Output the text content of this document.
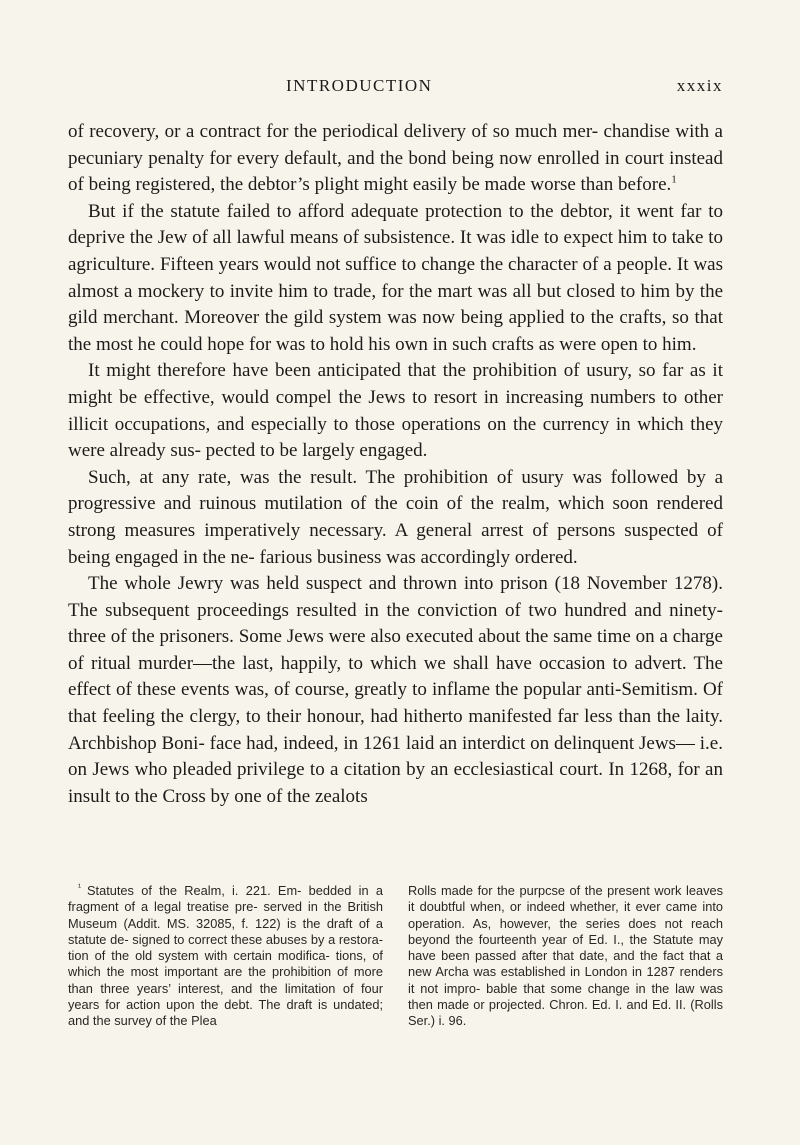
INTRODUCTION	xxxix

of recovery, or a contract for the periodical delivery of so much mer- chandise with a pecuniary penalty for every default, and the bond being now enrolled in court instead of being registered, the debtor’s plight might easily be made worse than before.$^1$

But if the statute failed to afford adequate protection to the debtor, it went far to deprive the Jew of all lawful means of subsistence. It was idle to expect him to take to agriculture. Fifteen years would not suffice to change the character of a people. It was almost a mockery to invite him to trade, for the mart was all but closed to him by the gild merchant. Moreover the gild system was now being applied to the crafts, so that the most he could hope for was to hold his own in such crafts as were open to him.

It might therefore have been anticipated that the prohibition of usury, so far as it might be effective, would compel the Jews to resort in increasing numbers to other illicit occupations, and especially to those operations on the currency in which they were already sus- pected to be largely engaged.

Such, at any rate, was the result. The prohibition of usury was followed by a progressive and ruinous mutilation of the coin of the realm, which soon rendered strong measures imperatively necessary. A general arrest of persons suspected of being engaged in the ne- farious business was accordingly ordered.

The whole Jewry was held suspect and thrown into prison (18 November 1278). The subsequent proceedings resulted in the conviction of two hundred and ninety-three of the prisoners. Some Jews were also executed about the same time on a charge of ritual murder—the last, happily, to which we shall have occasion to advert. The effect of these events was, of course, greatly to inflame the popular anti-Semitism. Of that feeling the clergy, to their honour, had hitherto manifested far less than the laity. Archbishop Boni- face had, indeed, in 1261 laid an interdict on delinquent Jews— i.e. on Jews who pleaded privilege to a citation by an ecclesiastical court. In 1268, for an insult to the Cross by one of the zealots

$^{^1}$ Statutes of the Realm, i. 221. Em- bedded in a fragment of a legal treatise pre- served in the British Museum (Addit. MS. 32085, f. 122) is the draft of a statute de- signed to correct these abuses by a restora- tion of the old system with certain modifica- tions, of which the most important are the prohibition of more than three years’ interest, and the limitation of four years for action upon the debt. The draft is undated; and the survey of the Plea

Rolls made for the purpcse of the present work leaves it doubtful when, or indeed whether, it ever came into operation. As, however, the series does not reach beyond the fourteenth year of Ed. I., the Statute may have been passed after that date, and the fact that a new Archa was established in London in 1287 renders it not impro- bable that some change in the law was then made or projected. Chron. Ed. I. and Ed. II. (Rolls Ser.) i. 96.
